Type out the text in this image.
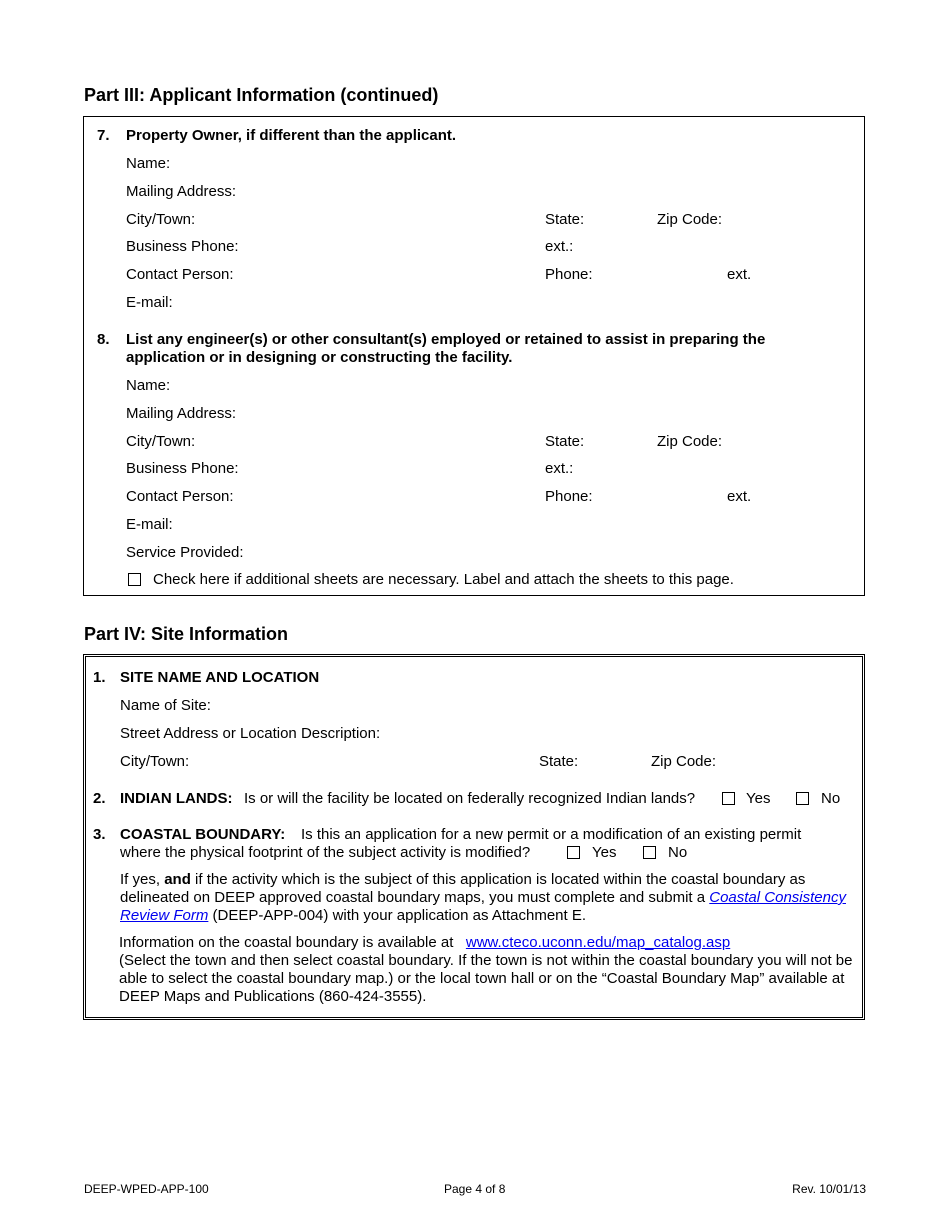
Part III: Applicant Information (continued)
7. Property Owner, if different than the applicant.
Name:
Mailing Address:
City/Town:	State:	Zip Code:
Business Phone:	ext.:
Contact Person:	Phone:	ext.
E-mail:
8. List any engineer(s) or other consultant(s) employed or retained to assist in preparing the
application or in designing or constructing the facility.
Name:
Mailing Address:
City/Town:	State:	Zip Code:
Business Phone:	ext.:
Contact Person:	Phone:	ext.
E-mail:
Service Provided:
Check here if additional sheets are necessary. Label and attach the sheets to this page.
Part IV: Site Information
1. SITE NAME AND LOCATION
Name of Site:
Street Address or Location Description:
City/Town:	State:	Zip Code:
2. INDIAN LANDS: Is or will the facility be located on federally recognized Indian lands?	Yes	No
3. COASTAL BOUNDARY: Is this an application for a new permit or a modification of an existing permit
where the physical footprint of the subject activity is modified?	Yes	No
If yes, and if the activity which is the subject of this application is located within the coastal boundary as delineated on DEEP approved coastal boundary maps, you must complete and submit a Coastal Consistency Review Form (DEEP-APP-004) with your application as Attachment E.
Information on the coastal boundary is available at www.cteco.uconn.edu/map_catalog.asp
(Select the town and then select coastal boundary. If the town is not within the coastal boundary you will not be able to select the coastal boundary map.) or the local town hall or on the “Coastal Boundary Map” available at DEEP Maps and Publications (860-424-3555).
DEEP-WPED-APP-100	Page 4 of 8	Rev. 10/01/13
